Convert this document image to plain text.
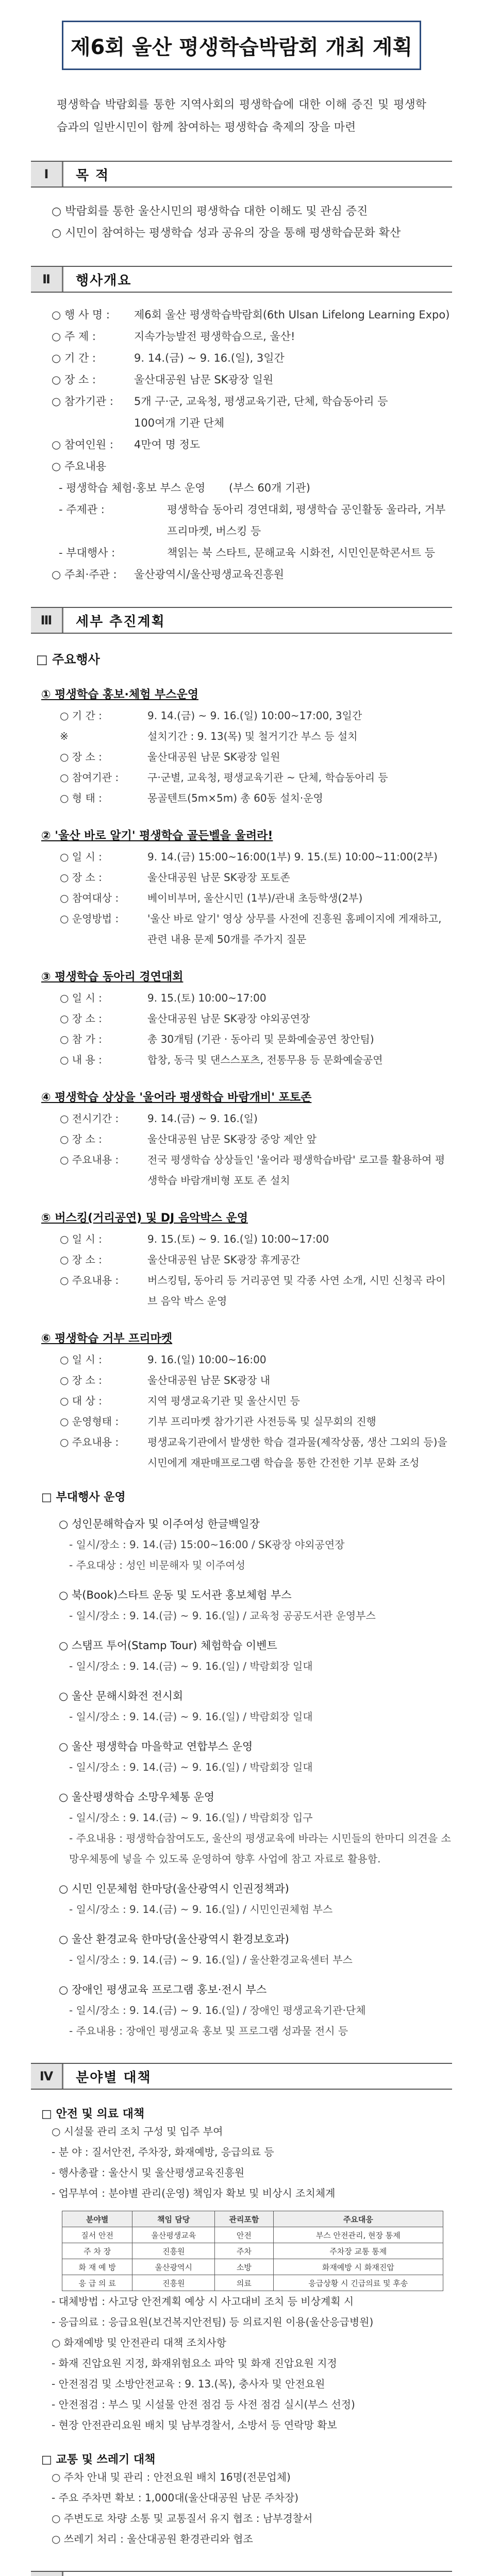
제6회 울산 평생학습박람회 개최 계획
평생학습 박람회를 통한 지역사회의 평생학습에 대한 이해 증진 및 평생학습과의 일반시민이 함께 참여하는 평생학습 축제의 장을 마련
Ⅰ	목 적
○ 박람회를 통한 울산시민의 평생학습 대한 이해도 및 관심 증진
○ 시민이 참여하는 평생학습 성과 공유의 장을 통해 평생학습문화 확산
Ⅱ	행사개요
○ 행 사 명 :	제6회 울산 평생학습박람회(6th Ulsan Lifelong Learning Expo)
○ 주 제 :	지속가능발전 평생학습으로, 울산!
○ 기 간 :	9. 14.(금) ~ 9. 16.(일), 3일간
○ 장 소 :	울산대공원 남문 SK광장 일원
○ 참가기관 :	5개 구·군, 교육청, 평생교육기관, 단체, 학습동아리 등
100여개 기관 단체
○ 참여인원 :	4만여 명 정도
○ 주요내용
- 평생학습 체험·홍보 부스 운영	(부스 60개 기관)
- 주제관 :	평생학습 동아리 경연대회, 평생학습 공인활동 울라라, 거부 프리마켓, 버스킹 등
- 부대행사 :	책읽는 북 스타트, 문해교육 시화전, 시민인문학콘서트 등
○ 주최·주관 :	울산광역시/울산평생교육진흥원
Ⅲ	세부 추진계획
□ 주요행사
① 평생학습 홍보·체험 부스운영
○ 기 간 :	9. 14.(금) ~ 9. 16.(일) 10:00~17:00, 3일간
※	설치기간 : 9. 13(목) 및 철거기간 부스 등 설치
○ 장 소 :	울산대공원 남문 SK광장 일원
○ 참여기관 :	구·군별, 교육청, 평생교육기관 ~ 단체, 학습동아리 등
○ 형 태 :	몽골텐트(5m×5m) 총 60동 설치·운영
② '울산 바로 알기' 평생학습 골든벨을 울려라!
○ 일 시 :	9. 14.(금) 15:00~16:00(1부) 9. 15.(토) 10:00~11:00(2부)
○ 장 소 :	울산대공원 남문 SK광장 포토존
○ 참여대상 :	베이비부머, 울산시민 (1부)/관내 초등학생(2부)
○ 운영방법 :	'울산 바로 알기' 영상 상무를 사전에 진흥원 홈페이지에 게재하고, 관련 내용 문제 50개를 주가지 질문
③ 평생학습 동아리 경연대회
○ 일 시 :	9. 15.(토) 10:00~17:00
○ 장 소 :	울산대공원 남문 SK광장 야외공연장
○ 참 가 :	총 30개팀 (기관 · 동아리 및 문화예술공연 창안팀)
○ 내 용 :	합창, 동극 및 댄스스포츠, 전통무용 등 문화예술공연
④ 평생학습 상상을 '울어라 평생학습 바람개비' 포토존
○ 전시기간 :	9. 14.(금) ~ 9. 16.(일)
○ 장 소 :	울산대공원 남문 SK광장 중앙 제안 앞
○ 주요내용 :	전국 평생학습 상상들인 '울어라 평생학습바람' 로고를 활용하여 평생학습 바람개비형 포토 존 설치
⑤ 버스킹(거리공연) 및 DJ 음악박스 운영
○ 일 시 :	9. 15.(토) ~ 9. 16.(일) 10:00~17:00
○ 장 소 :	울산대공원 남문 SK광장 휴게공간
○ 주요내용 :	버스킹팀, 동아리 등 거리공연 및 각종 사연 소개, 시민 신청곡 라이브 음악 박스 운영
⑥ 평생학습 거부 프리마켓
○ 일 시 :	9. 16.(일) 10:00~16:00
○ 장 소 :	울산대공원 남문 SK광장 내
○ 대 상 :	지역 평생교육기관 및 울산시민 등
○ 운영형태 :	기부 프리마켓 참가기관 사전등록 및 실무회의 진행
○ 주요내용 :	평생교육기관에서 발생한 학습 결과물(제작상품, 생산 그외의 등)을 시민에게 재판매프로그램 학습을 통한 간전한 기부 문화 조성
□ 부대행사 운영
○ 성인문해학습자 및 이주여성 한글백일장
- 일시/장소 : 9. 14.(금) 15:00~16:00 / SK광장 야외공연장
- 주요대상 : 성인 비문해자 및 이주여성
○ 북(Book)스타트 운동 및 도서관 홍보체험 부스
- 일시/장소 : 9. 14.(금) ~ 9. 16.(일) / 교육청 공공도서관 운영부스
○ 스탬프 투어(Stamp Tour) 체험학습 이벤트
- 일시/장소 : 9. 14.(금) ~ 9. 16.(일) / 박람회장 일대
○ 울산 문해시화전 전시회
- 일시/장소 : 9. 14.(금) ~ 9. 16.(일) / 박람회장 일대
○ 울산 평생학습 마을학교 연합부스 운영
- 일시/장소 : 9. 14.(금) ~ 9. 16.(일) / 박람회장 일대
○ 울산평생학습 소망우체통 운영
- 일시/장소 : 9. 14.(금) ~ 9. 16.(일) / 박람회장 입구
- 주요내용 : 평생학습참여도도, 울산의 평생교육에 바라는 시민들의 한마디 의견을 소망우체통에 넣을 수 있도록 운영하여 향후 사업에 참고 자료로 활용함.
○ 시민 인문체험 한마당(울산광역시 인권정책과)
- 일시/장소 : 9. 14.(금) ~ 9. 16.(일) / 시민인권체험 부스
○ 울산 환경교육 한마당(울산광역시 환경보호과)
- 일시/장소 : 9. 14.(금) ~ 9. 16.(일) / 울산환경교육센터 부스
○ 장애인 평생교육 프로그램 홍보·전시 부스
- 일시/장소 : 9. 14.(금) ~ 9. 16.(일) / 장애인 평생교육기관·단체
- 주요내용 : 장애인 평생교육 홍보 및 프로그램 성과물 전시 등
Ⅳ	분야별 대책
□ 안전 및 의료 대책
○ 시설물 관리 조치 구성 및 입주 부여
- 분 야 : 질서안전, 주차장, 화재예방, 응급의료 등
- 행사총괄 : 울산시 및 울산평생교육진흥원
- 업무부여 : 분야별 관리(운영) 책임자 확보 및 비상시 조치체계
분야별	책임 담당	관리포함	주요대응
질서 안전	울산평생교육	안전	부스 안전관리, 현장 통제
주 차 장	진흥원	주차	주차장 교통 통제
화 재 예 방	울산광역시	소방	화재예방 시 화재진압
응 급 의 료	진흥원	의료	응급상황 시 긴급의료 및 후송
- 대체방법 : 사고당 안전계획 예상 시 사고대비 조치 등 비상계획 시
- 응급의료 : 응급요원(보건복지안전팀) 등 의료지원 이용(울산응급병원)
○ 화재예방 및 안전관리 대책 조치사항
- 화재 진압요원 지정, 화재위험요소 파악 및 화재 진압요원 지정
- 안전점검 및 소방안전교육 : 9. 13.(목), 충사자 및 안전요원
- 안전점검 : 부스 및 시설물 안전 점검 등 사전 점검 실시(부스 선정)
- 현장 안전관리요원 배치 및 남부경찰서, 소방서 등 연락망 확보
□ 교통 및 쓰레기 대책
○ 주차 안내 및 관리 : 안전요원 배치 16명(전문업체)
- 주요 주차면 확보 : 1,000대(울산대공원 남문 주차장)
○ 주변도로 차량 소통 및 교통질서 유지 협조 : 남부경찰서
○ 쓰레기 처리 : 울산대공원 환경관리와 협조
